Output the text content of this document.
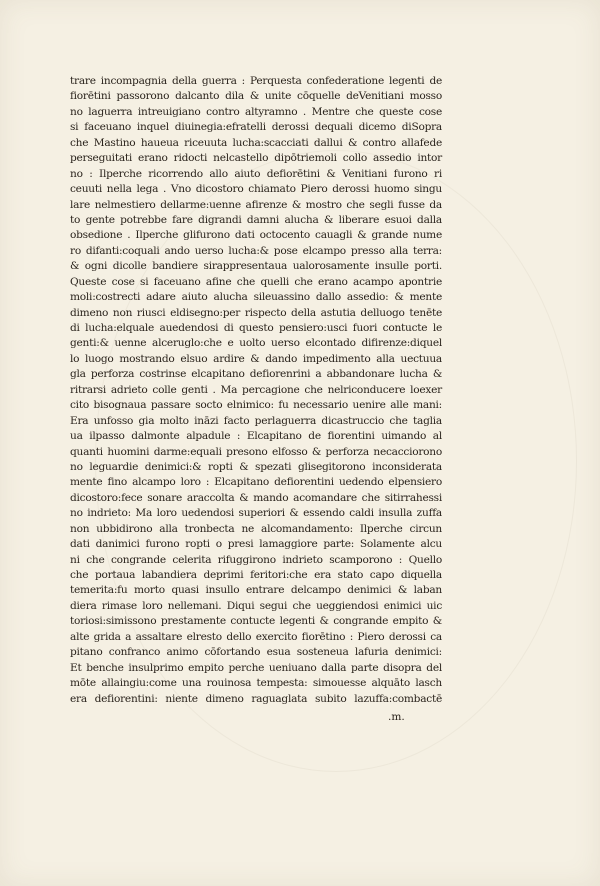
trare incompagnia della guerra : Perquesta confederatione legenti de
fiorētini passorono dalcanto dila & unite cōquelle deVenitiani mosso
no laguerra intreuigiano contro altyramno . Mentre che queste cose
si faceuano inquel diuinegia:efratelli derossi dequali dicemo diSopra
che Mastino haueua riceuuta lucha:scacciati dallui & contro allafede
perseguitati erano ridocti nelcastello dipōtriemoli collo assedio intor
no : Ilperche ricorrendo allo aiuto defiorētini & Venitiani furono ri
ceuuti nella lega . Vno dicostoro chiamato Piero derossi huomo singu
lare nelmestiero dellarme:uenne afirenze & mostro che segli fusse da
to gente potrebbe fare digrandi damni alucha & liberare esuoi dalla
obsedione . Ilperche glifurono dati octocento cauagli & grande nume
ro difanti:coquali ando uerso lucha:& pose elcampo presso alla terra:
& ogni dicolle bandiere sirappresentaua ualorosamente insulle porti.
Queste cose si faceuano afine che quelli che erano acampo apontrie
moli:costrecti adare aiuto alucha sileuassino dallo assedio: & mente
dimeno non riusci eldisegno:per rispecto della astutia delluogo tenēte
di lucha:elquale auedendosi di questo pensiero:usci fuori contucte le
genti:& uenne alceruglo:che e uolto uerso elcontado difirenze:diquel
lo luogo mostrando elsuo ardire & dando impedimento alla uectuua
gla perforza costrinse elcapitano defiorenrini a abbandonare lucha &
ritrarsi adrieto colle genti . Ma percagione che nelriconducere loexer
cito bisognaua passare socto elnimico: fu necessario uenire alle mani:
Era unfosso gia molto ināzi facto perlaguerra dicastruccio che taglia
ua ilpasso dalmonte alpadule : Elcapitano de fiorentini uimando al
quanti huomini darme:equali presono elfosso & perforza necacciorono
no leguardie denimici:& ropti & spezati glisegitorono inconsiderata
mente fino alcampo loro : Elcapitano defiorentini uedendo elpensiero
dicostoro:fece sonare araccolta & mando acomandare che sitirrahessi
no indrieto: Ma loro uedendosi superiori & essendo caldi insulla zuffa
non ubbidirono alla tronbecta ne alcomandamento: Ilperche circun
dati danimici furono ropti o presi lamaggiore parte: Solamente alcu
ni che congrande celerita rifuggirono indrieto scamporono : Quello
che portaua labandiera deprimi feritori:che era stato capo diquella
temerita:fu morto quasi insullo entrare delcampo denimici & laban
diera rimase loro nellemani. Diqui segui che ueggiendosi enimici uic
toriosi:simissono prestamente contucte legenti & congrande empito &
alte grida a assaltare elresto dello exercito fiorētino : Piero derossi ca
pitano confranco animo cōfortando esua sosteneua lafuria denimici:
Et benche insulprimo empito perche ueniuano dalla parte disopra del
mōte allaingiu:come una rouinosa tempesta: simouesse alquāto lasch
era defiorentini: niente dimeno raguaglata subito lazuffa:combactē
.m.
